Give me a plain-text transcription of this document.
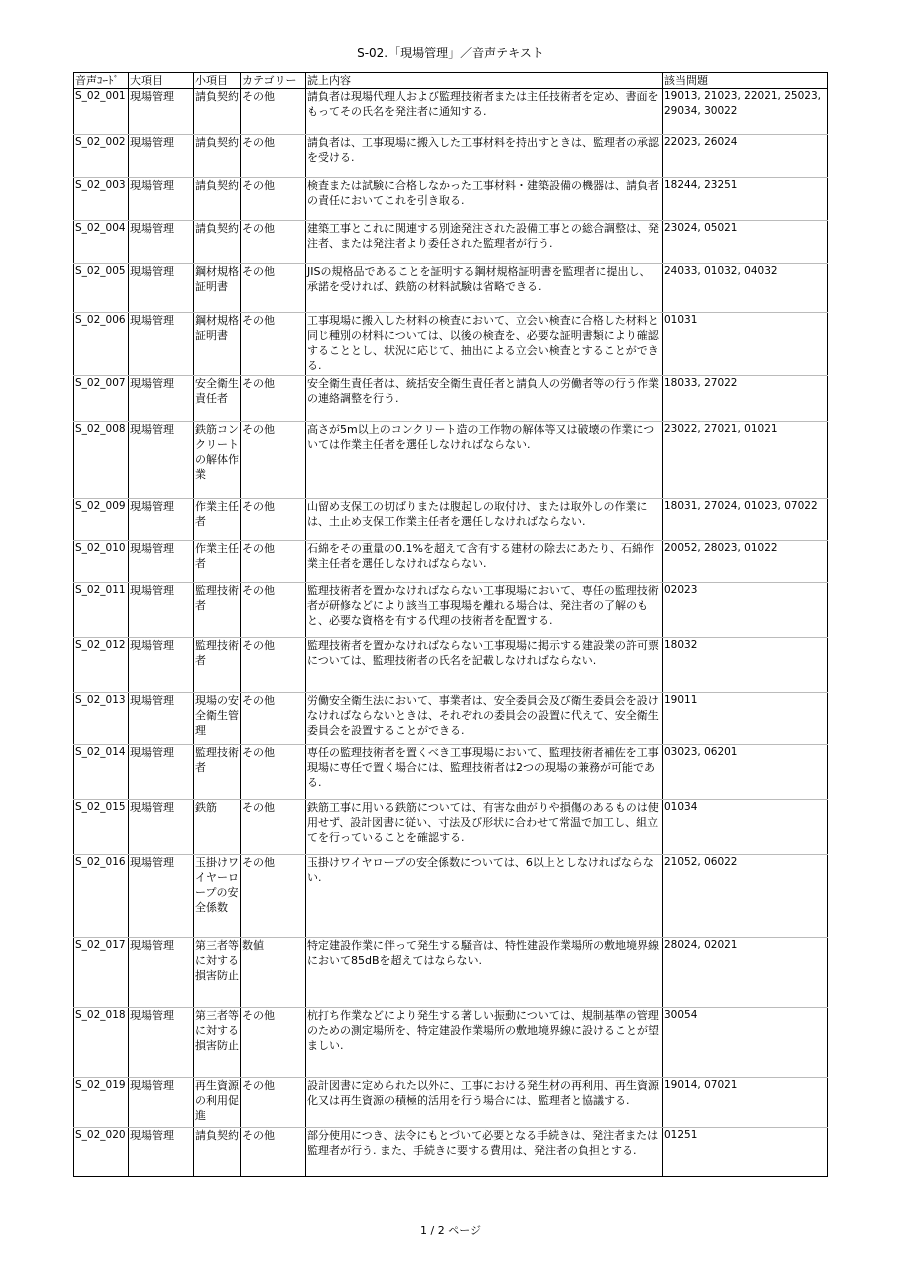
S-02.「現場管理」／音声テキスト
音声ｺｰﾄﾞ	大項目	小項目	カテゴリー	読上内容	該当問題
S_02_001	現場管理	請負契約	その他	請負者は現場代理人および監理技術者または主任技術者を定め、書面をもってその氏名を発注者に通知する.	19013, 21023, 22021, 25023, 29034, 30022
S_02_002	現場管理	請負契約	その他	請負者は、工事現場に搬入した工事材料を持出すときは、監理者の承認を受ける.	22023, 26024
S_02_003	現場管理	請負契約	その他	検査または試験に合格しなかった工事材料・建築設備の機器は、請負者の責任においてこれを引き取る.	18244, 23251
S_02_004	現場管理	請負契約	その他	建築工事とこれに関連する別途発注された設備工事との総合調整は、発注者、または発注者より委任された監理者が行う.	23024, 05021
S_02_005	現場管理	鋼材規格証明書	その他	JISの規格品であることを証明する鋼材規格証明書を監理者に提出し、承諾を受ければ、鉄筋の材料試験は省略できる.	24033, 01032, 04032
S_02_006	現場管理	鋼材規格証明書	その他	工事現場に搬入した材料の検査において、立会い検査に合格した材料と同じ種別の材料については、以後の検査を、必要な証明書類により確認することとし、状況に応じて、抽出による立会い検査とすることができる.	01031
S_02_007	現場管理	安全衛生責任者	その他	安全衛生責任者は、統括安全衛生責任者と請負人の労働者等の行う作業の連絡調整を行う.	18033, 27022
S_02_008	現場管理	鉄筋コンクリートの解体作業	その他	高さが5m以上のコンクリート造の工作物の解体等又は破壊の作業については作業主任者を選任しなければならない.	23022, 27021, 01021
S_02_009	現場管理	作業主任者	その他	山留め支保工の切ばりまたは腹起しの取付け、または取外しの作業には、土止め支保工作業主任者を選任しなければならない.	18031, 27024, 01023, 07022
S_02_010	現場管理	作業主任者	その他	石綿をその重量の0.1%を超えて含有する建材の除去にあたり、石綿作業主任者を選任しなければならない.	20052, 28023, 01022
S_02_011	現場管理	監理技術者	その他	監理技術者を置かなければならない工事現場において、専任の監理技術者が研修などにより該当工事現場を離れる場合は、発注者の了解のもと、必要な資格を有する代理の技術者を配置する.	02023
S_02_012	現場管理	監理技術者	その他	監理技術者を置かなければならない工事現場に掲示する建設業の許可票については、監理技術者の氏名を記載しなければならない.	18032
S_02_013	現場管理	現場の安全衛生管理	その他	労働安全衛生法において、事業者は、安全委員会及び衛生委員会を設けなければならないときは、それぞれの委員会の設置に代えて、安全衛生委員会を設置することができる.	19011
S_02_014	現場管理	監理技術者	その他	専任の監理技術者を置くべき工事現場において、監理技術者補佐を工事現場に専任で置く場合には、監理技術者は2つの現場の兼務が可能である.	03023, 06201
S_02_015	現場管理	鉄筋	その他	鉄筋工事に用いる鉄筋については、有害な曲がりや損傷のあるものは使用せず、設計図書に従い、寸法及び形状に合わせて常温で加工し、組立てを行っていることを確認する.	01034
S_02_016	現場管理	玉掛けワイヤーロープの安全係数	その他	玉掛けワイヤロープの安全係数については、6以上としなければならない.	21052, 06022
S_02_017	現場管理	第三者等に対する損害防止	数値	特定建設作業に伴って発生する騒音は、特性建設作業場所の敷地境界線において85dBを超えてはならない.	28024, 02021
S_02_018	現場管理	第三者等に対する損害防止	その他	杭打ち作業などにより発生する著しい振動については、規制基準の管理のための測定場所を、特定建設作業場所の敷地境界線に設けることが望ましい.	30054
S_02_019	現場管理	再生資源の利用促進	その他	設計図書に定められた以外に、工事における発生材の再利用、再生資源化又は再生資源の積極的活用を行う場合には、監理者と協議する.	19014, 07021
S_02_020	現場管理	請負契約	その他	部分使用につき、法令にもとづいて必要となる手続きは、発注者または監理者が行う. また、手続きに要する費用は、発注者の負担とする.	01251
1 / 2 ページ
